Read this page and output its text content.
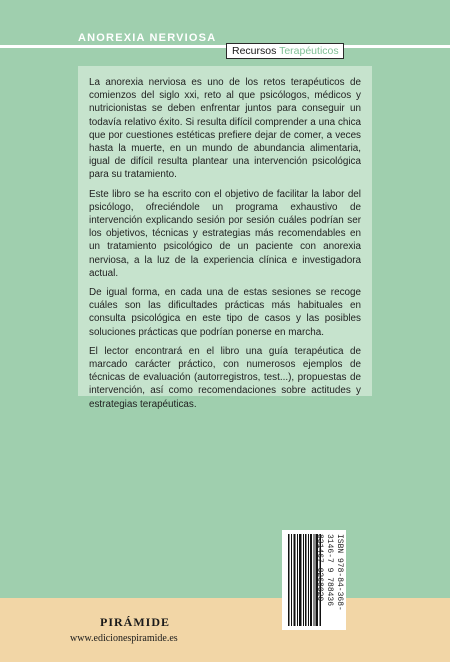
ANOREXIA NERVIOSA
Recursos Terapéuticos

La anorexia nerviosa es uno de los retos terapéuticos de comienzos del siglo xxi, reto al que psicólogos, médicos y nutricionistas se deben enfrentar juntos para conseguir un todavía relativo éxito. Si resulta difícil comprender a una chica que por cuestiones estéticas prefiere dejar de comer, a veces hasta la muerte, en un mundo de abundancia alimentaria, igual de difícil resulta plantear una intervención psicológica para su tratamiento.

Este libro se ha escrito con el objetivo de facilitar la labor del psicólogo, ofreciéndole un programa exhaustivo de intervención explicando sesión por sesión cuáles podrían ser los objetivos, técnicas y estrategias más recomendables en un tratamiento psicológico de un paciente con anorexia nerviosa, a la luz de la experiencia clínica e investigadora actual.

De igual forma, en cada una de estas sesiones se recoge cuáles son las dificultades prácticas más habituales en consulta psicológica en este tipo de casos y las posibles soluciones prácticas que podrían ponerse en marcha.

El lector encontrará en el libro una guía terapéutica de marcado carácter práctico, con numerosos ejemplos de técnicas de evaluación (autorregistros, test...), propuestas de intervención, así como recomendaciones sobre actitudes y estrategias terapéuticas.

ISBN 978-84-368-3146-7 9 788436 831467 0268020
PIRÁMIDE
www.edicionespiramide.es
